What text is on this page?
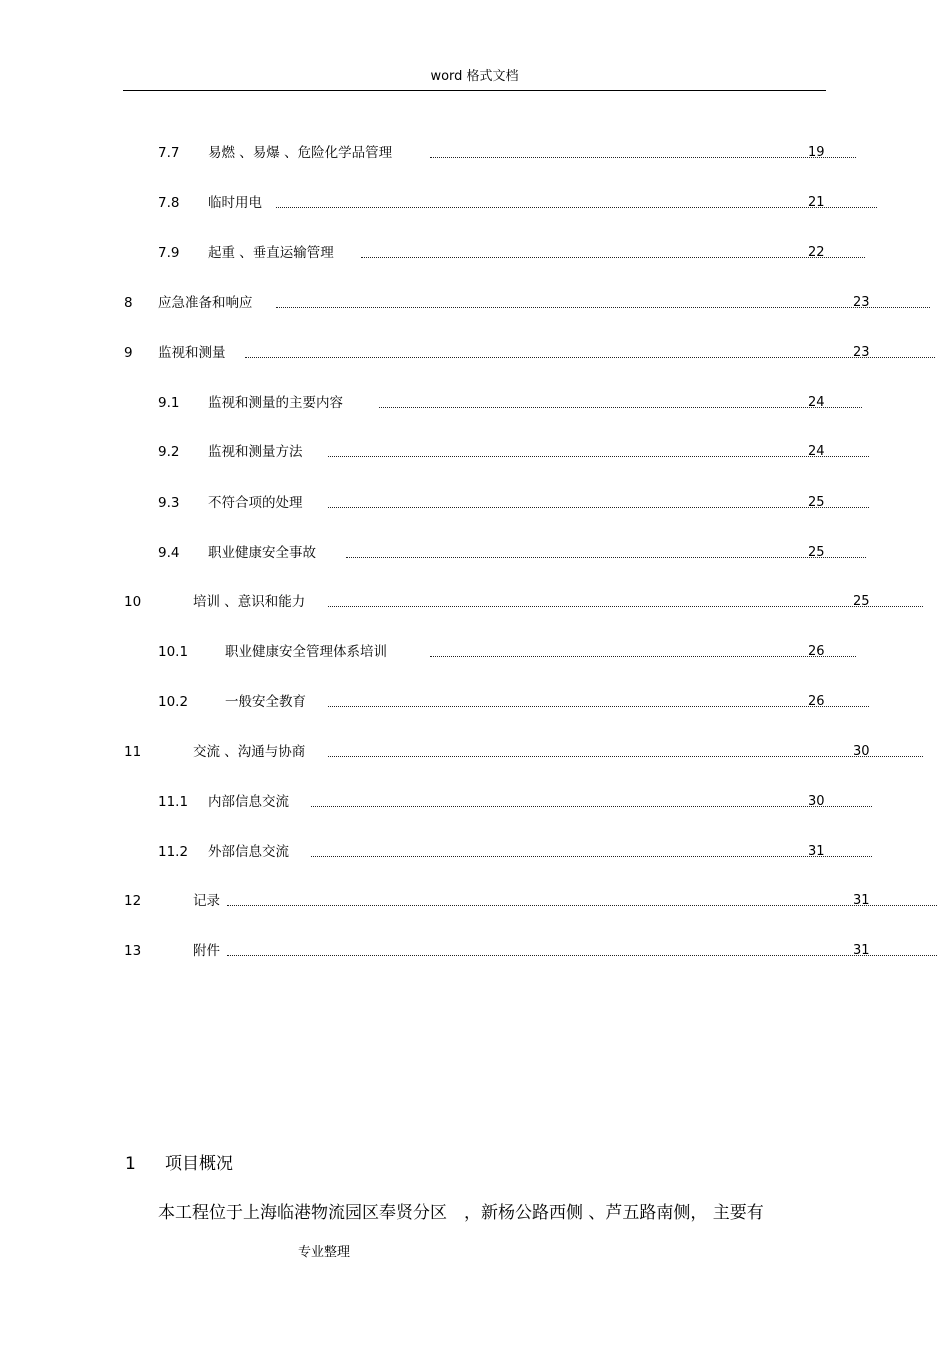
word 格式文档
7.7 易燃 、易爆 、危险化学品管理	19
7.8 临时用电	21
7.9 起重 、垂直运输管理	22
8 应急准备和响应	23
9 监视和测量	23
9.1 监视和测量的主要内容	24
9.2 监视和测量方法	24
9.3 不符合项的处理	25
9.4 职业健康安全事故	25
10	培训 、意识和能力	25
10.1	职业健康安全管理体系培训	26
10.2	一般安全教育	26
11	交流 、沟通与协商	30
11.1 内部信息交流	30
11.2 外部信息交流	31
12	记录	31
13	附件	31
1 项目概况
本工程位于上海临港物流园区奉贤分区　，新杨公路西侧 、芦五路南侧， 主要有
专业整理
